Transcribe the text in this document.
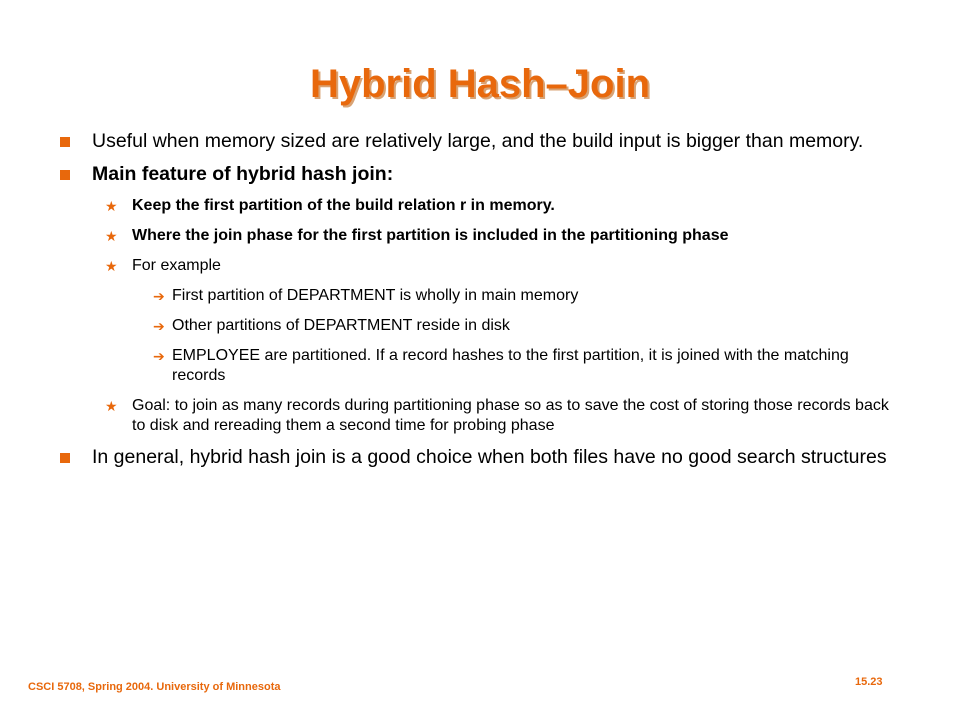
Hybrid Hash–Join
Useful when memory sized are relatively large, and the build input is bigger than memory.
Main feature of hybrid hash join:
★ Keep the first partition of the build relation r in memory.
★ Where the join phase for the first partition is included in the partitioning phase
★ For example
➔ First partition of DEPARTMENT is wholly in main memory
➔ Other partitions of DEPARTMENT reside in disk
➔ EMPLOYEE are partitioned. If a record hashes to the first partition, it is joined with the matching records
★ Goal: to join as many records during partitioning phase so as to save the cost of storing those records back to disk and rereading them a second time for probing phase
In general, hybrid hash join is a good choice when both files have no good search structures
CSCI 5708, Spring 2004. University of Minnesota	15.23
